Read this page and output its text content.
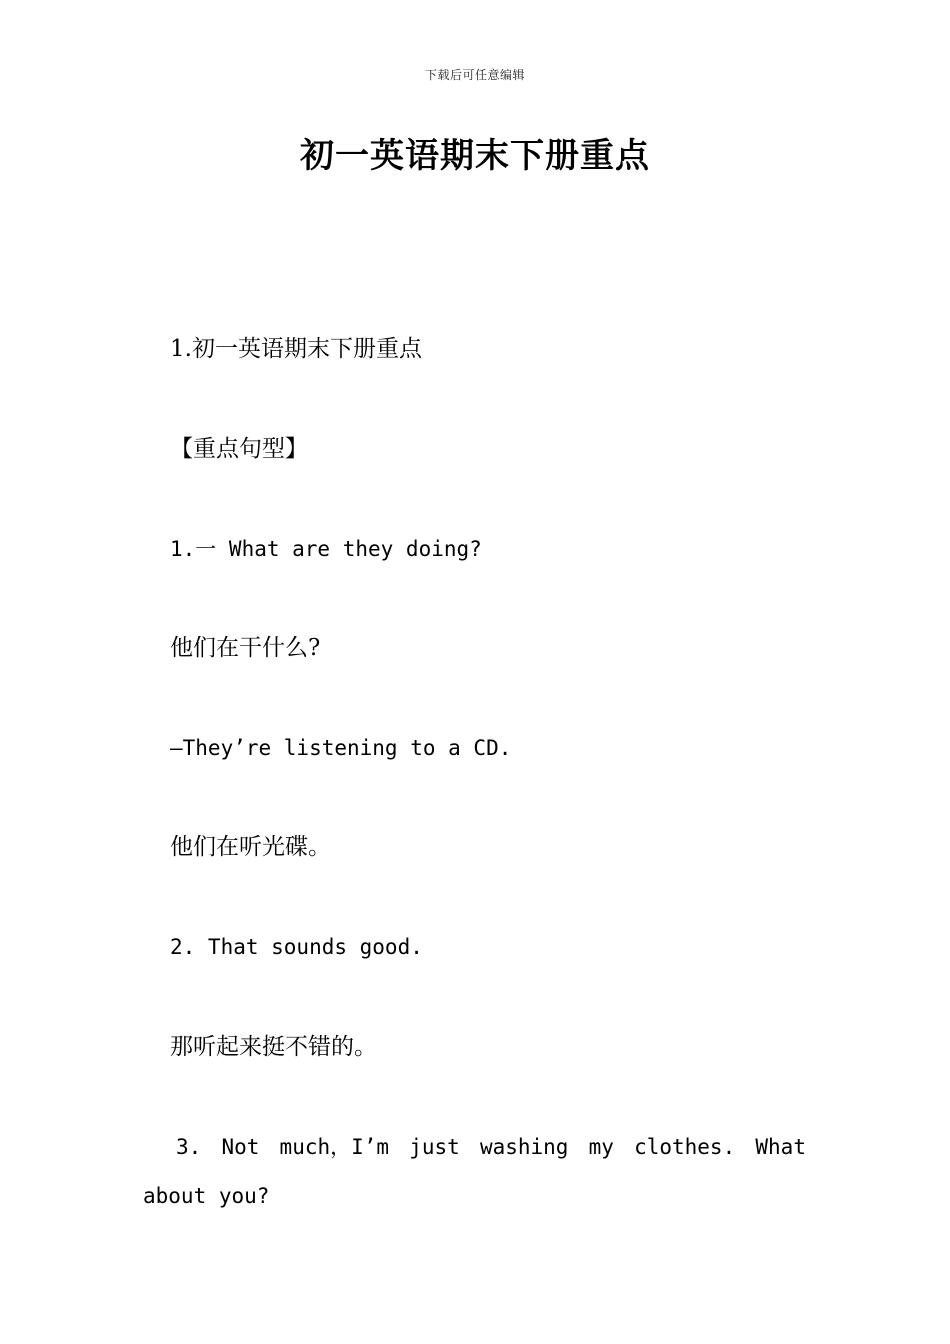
下载后可任意编辑
初一英语期末下册重点
1.初一英语期末下册重点
【重点句型】
1.一 What are they doing?
他们在干什么?
—They’re listening to a CD.
他们在听光碟。
2. That sounds good.
那听起来挺不错的。
3. Not much，I’m just washing my clothes. What
about you?
